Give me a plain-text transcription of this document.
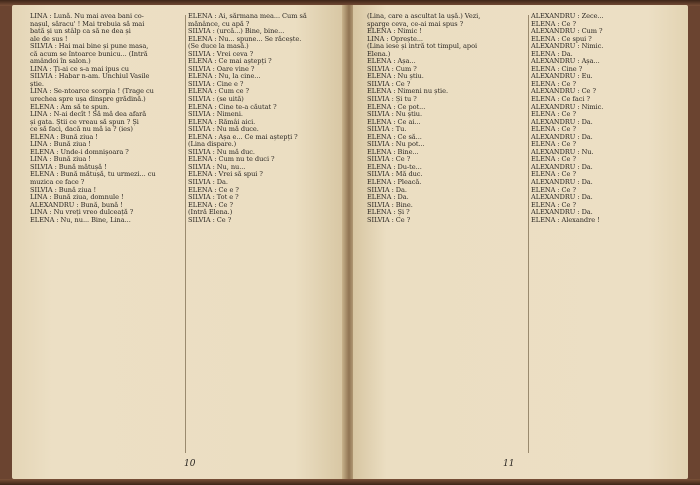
LINA : Lună. Nu mai avea bani co-
nașul, săracu' ! Mai trebuia să mai
bată și un stâlp ca să ne dea și
ale de sus !
SILVIA : Hai mai bine și pune masa,
că acum se întoarce bunicu... (Intră
amândoi în salon.)
LINA : Ți-ai ce s-a mai ipus cu
SILVIA : Habar n-am. Unchiul Vasile
știe.
LINA : Se-ntoarce scorpia ! (Trage cu
urechea spre ușa dinspre grădină.)
ELENA : Am să te spun.
LINA : N-ai decît ! Să mă dea afară
și gata. Știi ce vreau să spun ? Și
ce să faci, dacă nu mă ia ? (ies)
ELENA : Bună ziua !
LINA : Bună ziua !
ELENA : Unde-i domnișoara ?
LINA : Bună ziua !
SILVIA : Bună mătușă !
ELENA : Bună mătușă, tu urmezi... cu
muzica ce face ?
SILVIA : Bună ziua !
LINA : Bună ziua, domnule !
ALEXANDRU : Bună, bună !
LINA : Nu vreți vreo dulceață ?
ELENA : Nu, nu... Bine, Lina...
ELENA : Ai, sărmana mea... Cum să
mănânce, cu apă ?
SILVIA : (urcă...) Bine, bine...
ELENA : Nu... spune... Se răcește.
(Se duce la masă.)
SILVIA : Vrei ceva ?
ELENA : Ce mai aștepți ?
SILVIA : Oare vine ?
ELENA : Nu, la cine...
SILVIA : Cine e ?
ELENA : Cum ce ?
SILVIA : (se uită)
ELENA : Cine te-a căutat ?
SILVIA : Nimeni.
ELENA : Rămâi aici.
SILVIA : Nu mă duce.
ELENA : Așa e... Ce mai aștepți ?
(Lina dispare.)
SILVIA : Nu mă duc.
ELENA : Cum nu te duci ?
SILVIA : Nu, nu...
ELENA : Vrei să spui ?
SILVIA : Da.
ELENA : Ce e ?
SILVIA : Tot e ?
ELENA : Ce ?
(Intră Elena.)
SILVIA : Ce ?
10
(Lina, care a ascultat la ușă.) Vezi,
sparge ceva, ce-ai mai spus ?
ELENA : Nimic !
LINA : Oprește...
(Lina iese și intră tot timpul, apoi
Elena.)
ELENA : Așa...
SILVIA : Cum ?
ELENA : Nu știu.
SILVIA : Ce ?
ELENA : Nimeni nu știe.
SILVIA : Și tu ?
ELENA : Ce pot...
SILVIA : Nu știu.
ELENA : Ce ai...
SILVIA : Tu.
ELENA : Ce să...
SILVIA : Nu pot...
ELENA : Bine...
SILVIA : Ce ?
ELENA : Du-te...
SILVIA : Mă duc.
ELENA : Pleacă.
SILVIA : Da.
ELENA : Da.
SILVIA : Bine.
ELENA : Și ?
SILVIA : Ce ?
ALEXANDRU : Zece...
ELENA : Ce ?
ALEXANDRU : Cum ?
ELENA : Ce spui ?
ALEXANDRU : Nimic.
ELENA : Da.
ALEXANDRU : Așa...
ELENA : Cine ?
ALEXANDRU : Eu.
ELENA : Ce ?
ALEXANDRU : Ce ?
ELENA : Ce faci ?
ALEXANDRU : Nimic.
ELENA : Ce ?
ALEXANDRU : Da.
ELENA : Ce ?
ALEXANDRU : Da.
ELENA : Ce ?
ALEXANDRU : Nu.
ELENA : Ce ?
ALEXANDRU : Da.
ELENA : Ce ?
ALEXANDRU : Da.
ELENA : Ce ?
ALEXANDRU : Da.
ELENA : Ce ?
ALEXANDRU : Da.
ELENA : Alexandre !
11
